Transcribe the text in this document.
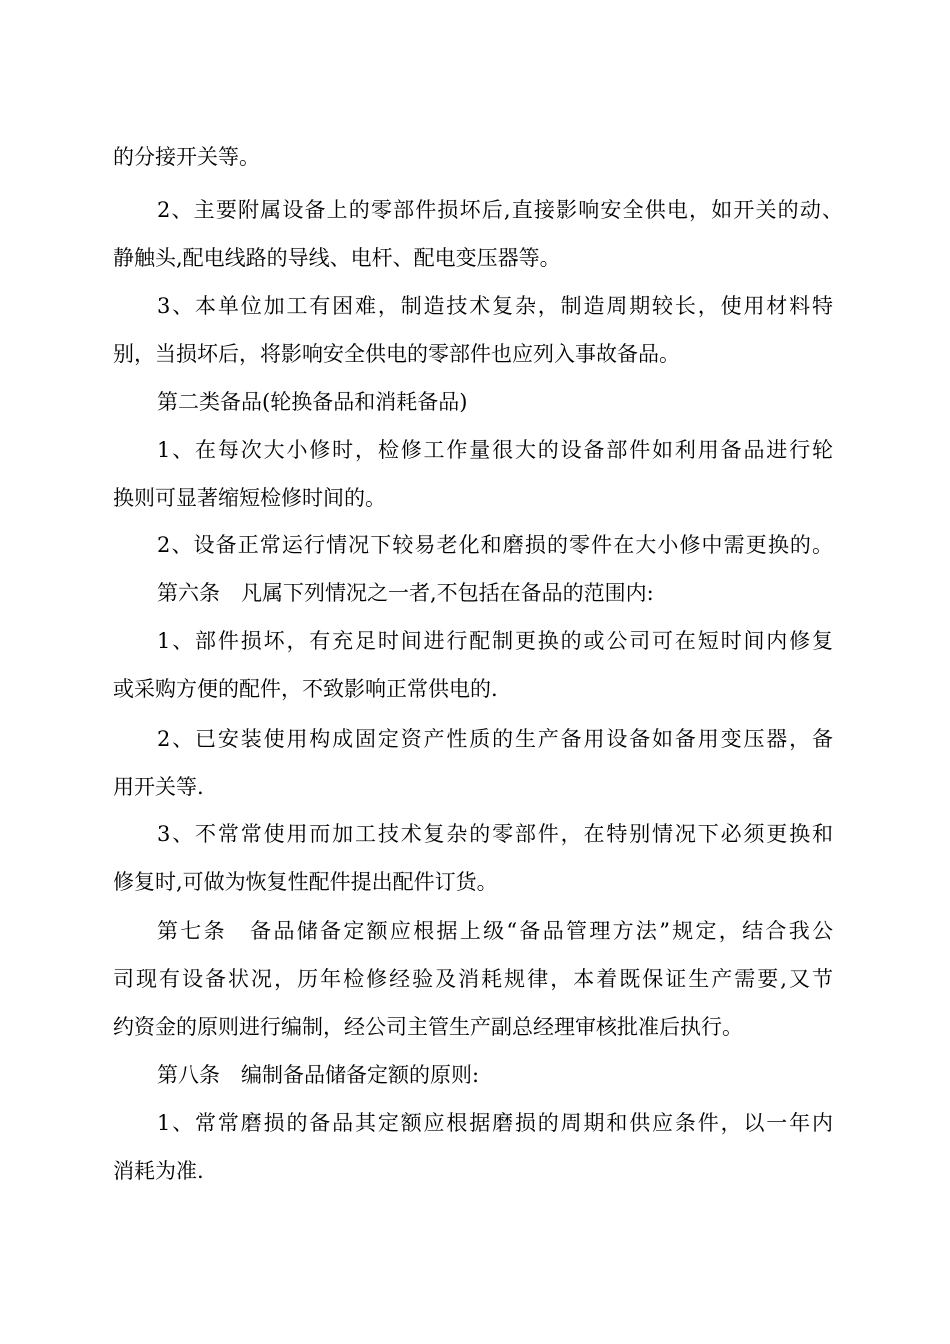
的分接开关等。
2、主要附属设备上的零部件损坏后,直接影响安全供电，如开关的动、
静触头,配电线路的导线、电杆、配电变压器等。
3、本单位加工有困难，制造技术复杂，制造周期较长，使用材料特
别，当损坏后，将影响安全供电的零部件也应列入事故备品。
第二类备品(轮换备品和消耗备品)
1、在每次大小修时，检修工作量很大的设备部件如利用备品进行轮
换则可显著缩短检修时间的。
2、设备正常运行情况下较易老化和磨损的零件在大小修中需更换的。
第六条　凡属下列情况之一者,不包括在备品的范围内:
1、部件损坏，有充足时间进行配制更换的或公司可在短时间内修复
或采购方便的配件，不致影响正常供电的.
2、已安装使用构成固定资产性质的生产备用设备如备用变压器，备
用开关等.
3、不常常使用而加工技术复杂的零部件，在特别情况下必须更换和
修复时,可做为恢复性配件提出配件订货。
第七条　备品储备定额应根据上级“备品管理方法”规定，结合我公
司现有设备状况，历年检修经验及消耗规律，本着既保证生产需要,又节
约资金的原则进行编制，经公司主管生产副总经理审核批准后执行。
第八条　编制备品储备定额的原则:
1、常常磨损的备品其定额应根据磨损的周期和供应条件，以一年内
消耗为准.
